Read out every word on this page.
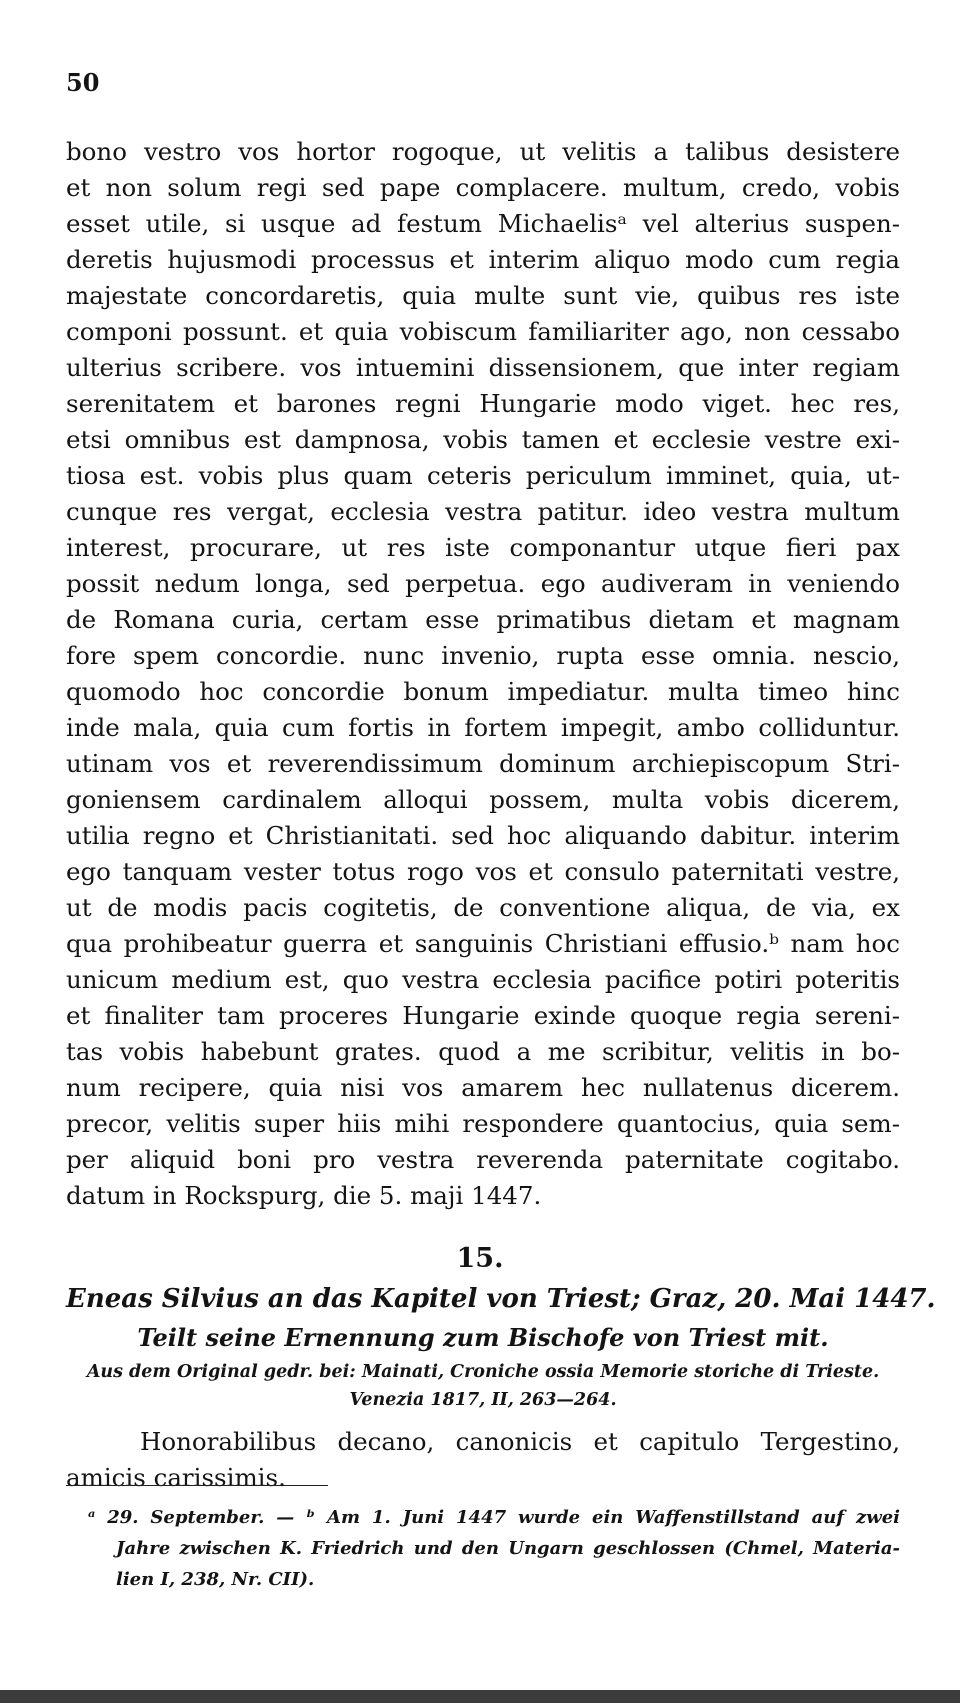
50
bono vestro vos hortor rogoque, ut velitis a talibus desistere
et non solum regi sed pape complacere. multum, credo, vobis
esset utile, si usque ad festum Michaelisᵃ vel alterius suspen-
deretis hujusmodi processus et interim aliquo modo cum regia
majestate concordaretis, quia multe sunt vie, quibus res iste
componi possunt. et quia vobiscum familiariter ago, non cessabo
ulterius scribere. vos intuemini dissensionem, que inter regiam
serenitatem et barones regni Hungarie modo viget. hec res,
etsi omnibus est dampnosa, vobis tamen et ecclesie vestre exi-
tiosa est. vobis plus quam ceteris periculum imminet, quia, ut-
cunque res vergat, ecclesia vestra patitur. ideo vestra multum
interest, procurare, ut res iste componantur utque fieri pax
possit nedum longa, sed perpetua. ego audiveram in veniendo
de Romana curia, certam esse primatibus dietam et magnam
fore spem concordie. nunc invenio, rupta esse omnia. nescio,
quomodo hoc concordie bonum impediatur. multa timeo hinc
inde mala, quia cum fortis in fortem impegit, ambo colliduntur.
utinam vos et reverendissimum dominum archiepiscopum Stri-
goniensem cardinalem alloqui possem, multa vobis dicerem,
utilia regno et Christianitati. sed hoc aliquando dabitur. interim
ego tanquam vester totus rogo vos et consulo paternitati vestre,
ut de modis pacis cogitetis, de conventione aliqua, de via, ex
qua prohibeatur guerra et sanguinis Christiani effusio.ᵇ nam hoc
unicum medium est, quo vestra ecclesia pacifice potiri poteritis
et finaliter tam proceres Hungarie exinde quoque regia sereni-
tas vobis habebunt grates. quod a me scribitur, velitis in bo-
num recipere, quia nisi vos amarem hec nullatenus dicerem.
precor, velitis super hiis mihi respondere quantocius, quia sem-
per aliquid boni pro vestra reverenda paternitate cogitabo.
datum in Rockspurg, die 5. maji 1447.
15.
Eneas Silvius an das Kapitel von Triest; Graz, 20. Mai 1447.
Teilt seine Ernennung zum Bischofe von Triest mit.
Aus dem Original gedr. bei: Mainati, Croniche ossia Memorie storiche di Trieste.
Venezia 1817, II, 263—264.
Honorabilibus decano, canonicis et capitulo Tergestino,
amicis carissimis.
ᵃ 29. September. — ᵇ Am 1. Juni 1447 wurde ein Waffenstillstand auf zwei
Jahre zwischen K. Friedrich und den Ungarn geschlossen (Chmel, Materia-
lien I, 238, Nr. CII).
